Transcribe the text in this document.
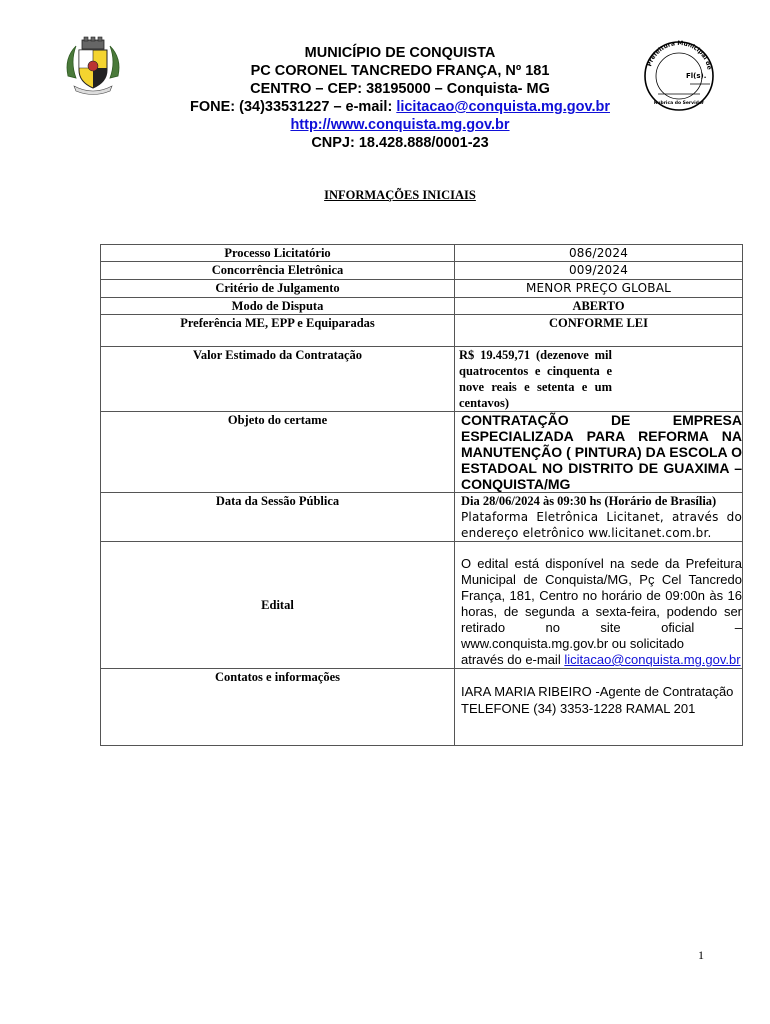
Prefeitura Municipal de
Fl(s).
Rubrica do Servidor
MUNICÍPIO DE CONQUISTA
PC CORONEL TANCREDO FRANÇA, Nº 181
CENTRO – CEP: 38195000 – Conquista- MG
FONE: (34)33531227 – e-mail: licitacao@conquista.mg.gov.br
http://www.conquista.mg.gov.br
CNPJ: 18.428.888/0001-23
INFORMAÇÕES INICIAIS
Processo Licitatório	086/2024
Concorrência Eletrônica	009/2024
Critério de Julgamento	MENOR PREÇO GLOBAL
Modo de Disputa	ABERTO
Preferência ME, EPP e Equiparadas	CONFORME LEI
Valor Estimado da Contratação	R$ 19.459,71 (dezenove mil quatrocentos e cinquenta e nove reais e setenta e um centavos)
Objeto do certame	CONTRATAÇÃO DE EMPRESA ESPECIALIZADA PARA REFORMA NA MANUTENÇÃO ( PINTURA) DA ESCOLA O ESTADOAL NO DISTRITO DE GUAXIMA – CONQUISTA/MG
Data da Sessão Pública	Dia 28/06/2024 às 09:30 hs (Horário de Brasília)
Plataforma Eletrônica Licitanet, através do endereço eletrônico ww.licitanet.com.br.

Edital	O edital está disponível na sede da Prefeitura Municipal de Conquista/MG, Pç Cel Tancredo França, 181, Centro no horário de 09:00n às 16 horas, de segunda a sexta-feira, podendo ser retirado no site oficial – www.conquista.mg.gov.br ou solicitado
através do e-mail licitacao@conquista.mg.gov.br

Contatos e informações	IARA MARIA RIBEIRO -Agente de Contratação
TELEFONE (34) 3353-1228 RAMAL 201
1
